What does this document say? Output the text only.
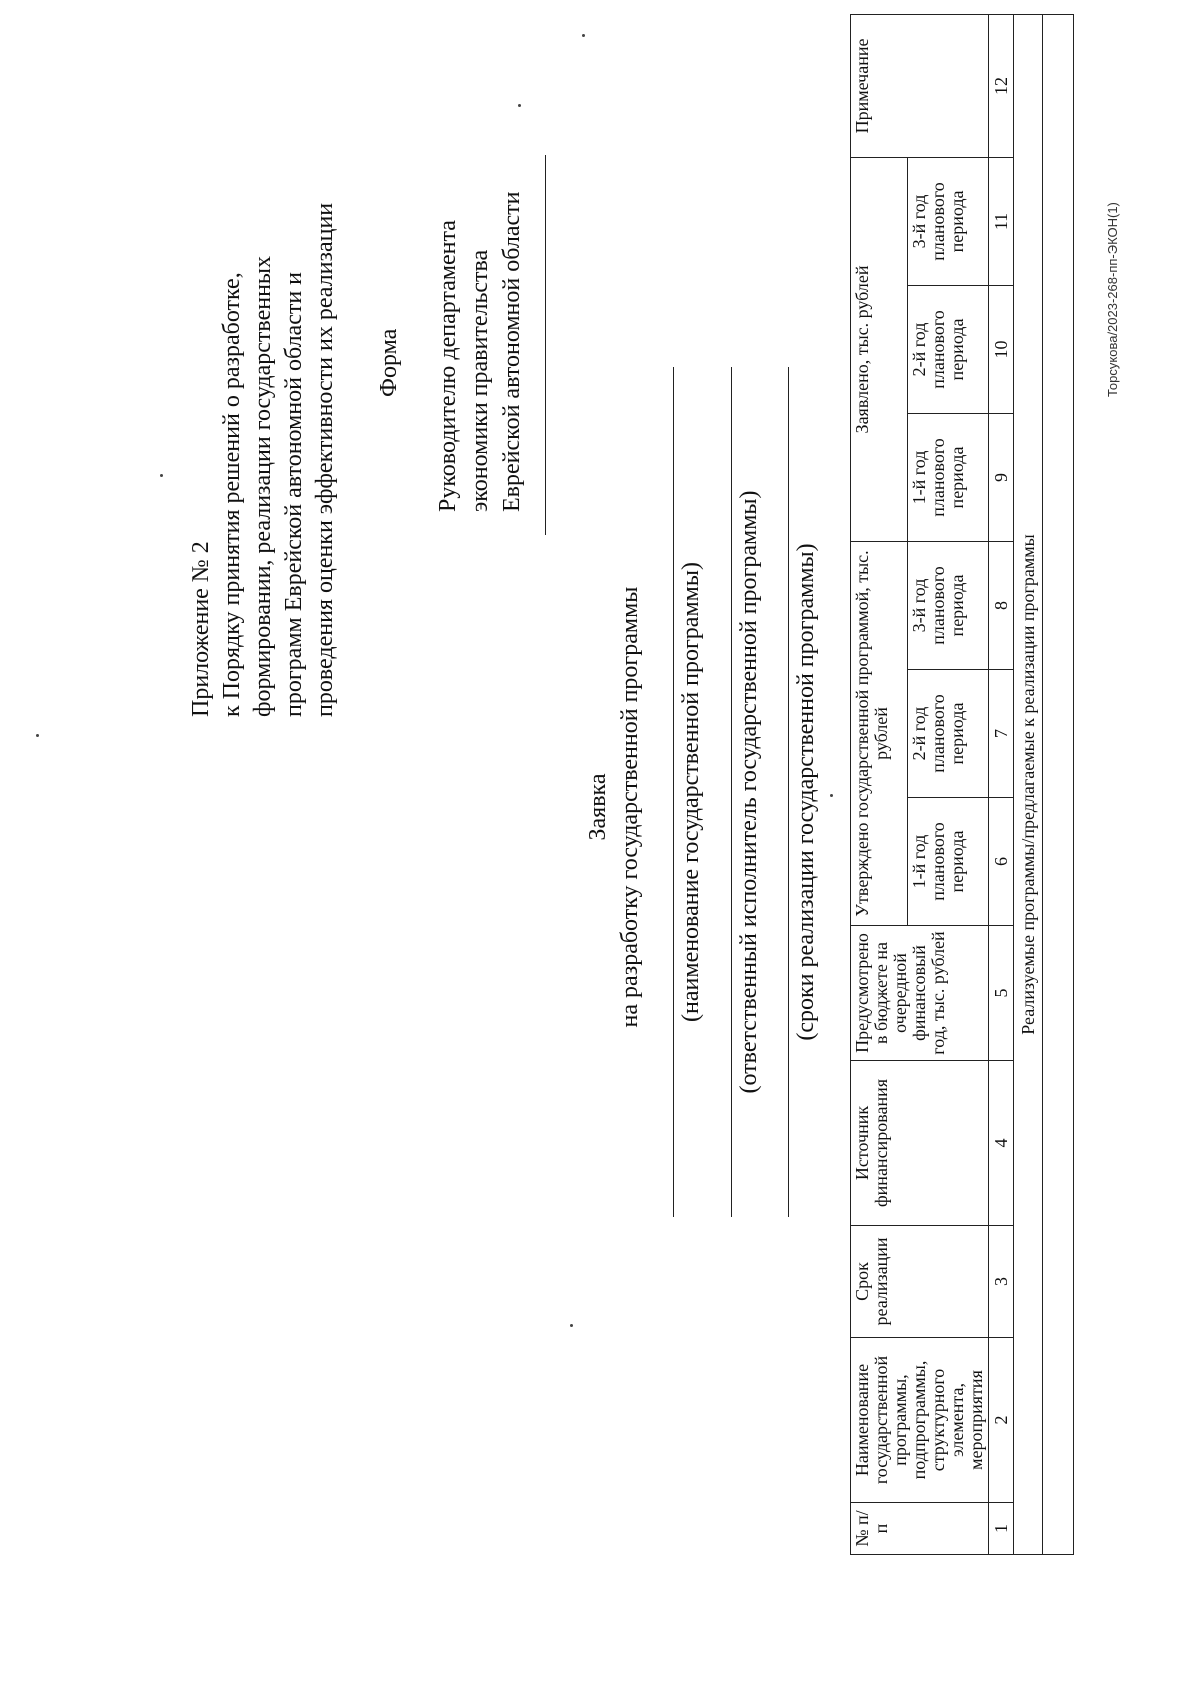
Приложение № 2 к Порядку принятия решений о разработке, формировании, реализации государственных программ Еврейской автономной области и проведения оценки эффективности их реализации Форма Руководителю департамента экономики правительства Еврейской автономной области
Заявка на разработку государственной программы (наименование государственной программы) (ответственный исполнитель государственной программы) (сроки реализации государственной программы)
№ п/п	Наименование государственной программы, подпрограммы, структурного элемента, мероприятия	Срок реализации	Источник финансирования	Предусмотрено в бюджете на очередной финансовый год, тыс. рублей	Утверждено государственной программой, тыс. рублей			Заявлено, тыс. рублей			Примечание
					1-й год планового периода	2-й год планового периода	3-й год планового периода	1-й год планового периода	2-й год планового периода	3-й год планового периода	
1	2	3	4	5	6	7	8	9	10	11	12
Реализуемые программы/предлагаемые к реализации программы											

Торсукова/2023-268-пп-ЭКОН(1)
